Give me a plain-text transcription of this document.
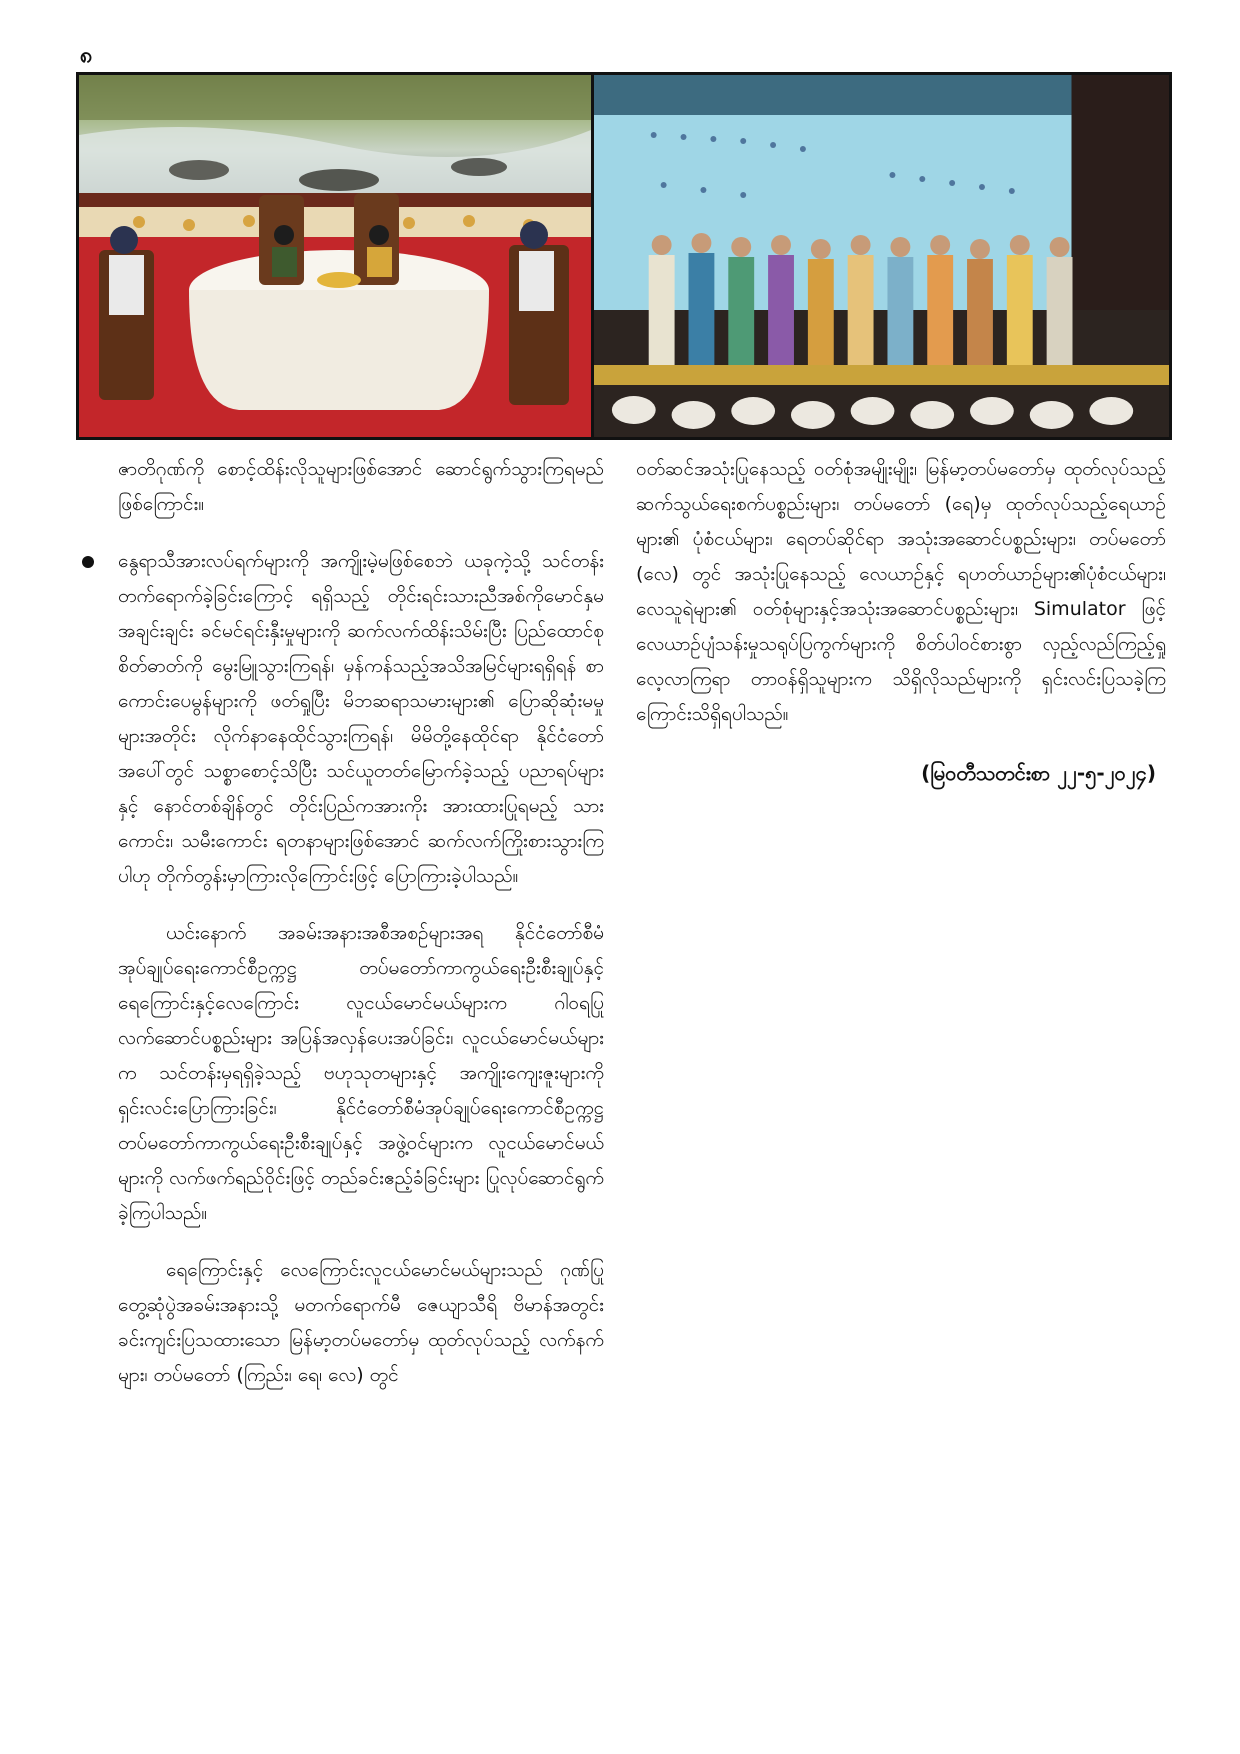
၈

ဇာတိဂုဏ်ကို စောင့်ထိန်းလိုသူများဖြစ်အောင် ဆောင်ရွက်သွားကြရမည်ဖြစ်ကြောင်း။

နွေရာသီအားလပ်ရက်များကို အကျိုးမဲ့မဖြစ်စေဘဲ ယခုကဲ့သို့ သင်တန်းတက်ရောက်ခဲ့ခြင်းကြောင့် ရရှိသည့် တိုင်းရင်းသားညီအစ်ကိုမောင်နှမအချင်းချင်း ခင်မင်ရင်းနှီးမှုများကို ဆက်လက်ထိန်းသိမ်းပြီး ပြည်ထောင်စုစိတ်ဓာတ်ကို မွေးမြူသွားကြရန်၊ မှန်ကန်သည့်အသိအမြင်များရရှိရန် စာကောင်းပေမွန်များကို ဖတ်ရှုပြီး မိဘဆရာသမားများ၏ ပြောဆိုဆုံးမမှုများအတိုင်း လိုက်နာနေထိုင်သွားကြရန်၊ မိမိတို့နေထိုင်ရာ နိုင်ငံတော်အပေါ်တွင် သစ္စာစောင့်သိပြီး သင်ယူတတ်မြောက်ခဲ့သည့် ပညာရပ်များနှင့် နောင်တစ်ချိန်တွင် တိုင်းပြည်ကအားကိုး အားထားပြုရမည့် သားကောင်း၊ သမီးကောင်း ရတနာများဖြစ်အောင် ဆက်လက်ကြိုးစားသွားကြပါဟု တိုက်တွန်းမှာကြားလိုကြောင်းဖြင့် ပြောကြားခဲ့ပါသည်။

ယင်းနောက် အခမ်းအနားအစီအစဉ်များအရ နိုင်ငံတော်စီမံအုပ်ချုပ်ရေးကောင်စီဥက္ကဋ္ဌ တပ်မတော်ကာကွယ်ရေးဦးစီးချုပ်နှင့် ရေကြောင်းနှင့်လေကြောင်း လူငယ်မောင်မယ်များက ဂါဝရပြုလက်ဆောင်ပစ္စည်းများ အပြန်အလှန်ပေးအပ်ခြင်း၊ လူငယ်မောင်မယ်များက သင်တန်းမှရရှိခဲ့သည့် ဗဟုသုတများနှင့် အကျိုးကျေးဇူးများကို ရှင်းလင်းပြောကြားခြင်း၊ နိုင်ငံတော်စီမံအုပ်ချုပ်ရေးကောင်စီဥက္ကဋ္ဌ တပ်မတော်ကာကွယ်ရေးဦးစီးချုပ်နှင့် အဖွဲ့ဝင်များက လူငယ်မောင်မယ်များကို လက်ဖက်ရည်ဝိုင်းဖြင့် တည်ခင်းဧည့်ခံခြင်းများ ပြုလုပ်ဆောင်ရွက်ခဲ့ကြပါသည်။

ရေကြောင်းနှင့် လေကြောင်းလူငယ်မောင်မယ်များသည် ဂုဏ်ပြုတွေ့ဆုံပွဲအခမ်းအနားသို့ မတက်ရောက်မီ ဇေယျာသီရိ ဗိမာန်အတွင်း ခင်းကျင်းပြသထားသော မြန်မာ့တပ်မတော်မှ ထုတ်လုပ်သည့် လက်နက်များ၊ တပ်မတော် (ကြည်း၊ ရေ၊ လေ) တွင်

ဝတ်ဆင်အသုံးပြုနေသည့် ဝတ်စုံအမျိုးမျိုး၊ မြန်မာ့တပ်မတော်မှ ထုတ်လုပ်သည့် ဆက်သွယ်ရေးစက်ပစ္စည်းများ၊ တပ်မတော် (ရေ)မှ ထုတ်လုပ်သည့်ရေယာဉ်များ၏ ပုံစံငယ်များ၊ ရေတပ်ဆိုင်ရာ အသုံးအဆောင်ပစ္စည်းများ၊ တပ်မတော် (လေ) တွင် အသုံးပြုနေသည့် လေယာဉ်နှင့် ရဟတ်ယာဉ်များ၏ပုံစံငယ်များ၊ လေသူရဲများ၏ ဝတ်စုံများနှင့်အသုံးအဆောင်ပစ္စည်းများ၊ Simulator ဖြင့် လေယာဉ်ပျံသန်းမှုသရုပ်ပြကွက်များကို စိတ်ပါဝင်စားစွာ လှည့်လည်ကြည့်ရှုလေ့လာကြရာ တာဝန်ရှိသူများက သိရှိလိုသည်များကို ရှင်းလင်းပြသခဲ့ကြကြောင်းသိရှိရပါသည်။

(မြဝတီသတင်းစာ ၂၂-၅-၂၀၂၄)
